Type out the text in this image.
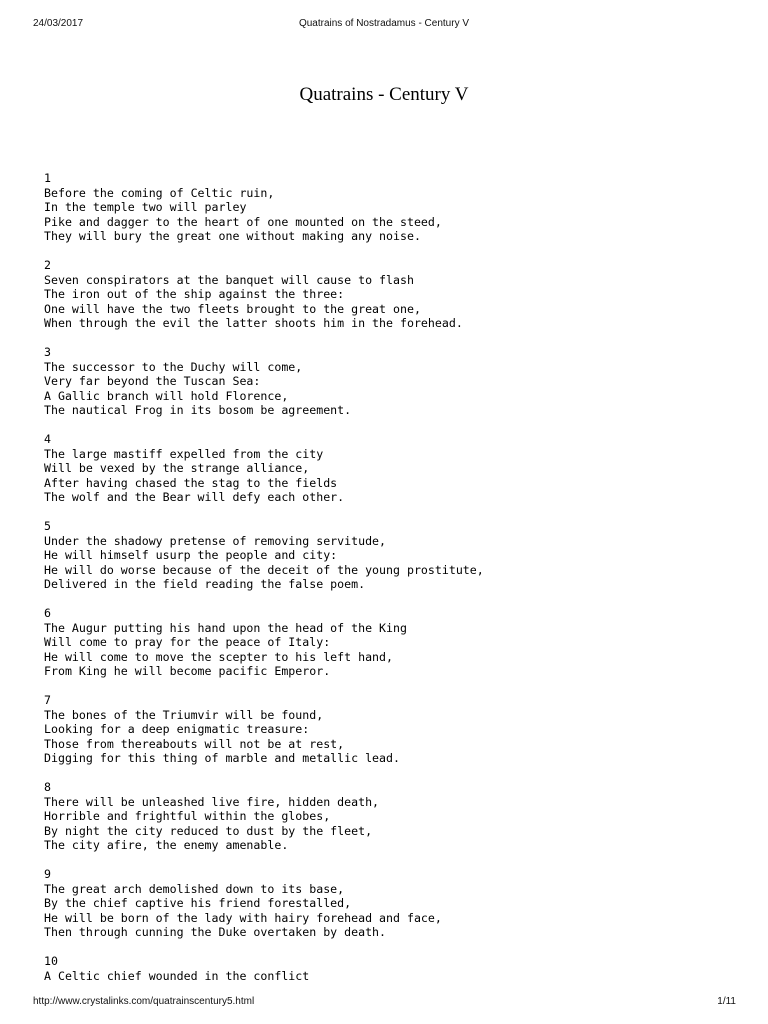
24/03/2017	Quatrains of Nostradamus - Century V
Quatrains - Century V
1
Before the coming of Celtic ruin,
In the temple two will parley
Pike and dagger to the heart of one mounted on the steed,
They will bury the great one without making any noise.
2
Seven conspirators at the banquet will cause to flash
The iron out of the ship against the three:
One will have the two fleets brought to the great one,
When through the evil the latter shoots him in the forehead.
3
The successor to the Duchy will come,
Very far beyond the Tuscan Sea:
A Gallic branch will hold Florence,
The nautical Frog in its bosom be agreement.
4
The large mastiff expelled from the city
Will be vexed by the strange alliance,
After having chased the stag to the fields
The wolf and the Bear will defy each other.
5
Under the shadowy pretense of removing servitude,
He will himself usurp the people and city:
He will do worse because of the deceit of the young prostitute,
Delivered in the field reading the false poem.
6
The Augur putting his hand upon the head of the King
Will come to pray for the peace of Italy:
He will come to move the scepter to his left hand,
From King he will become pacific Emperor.
7
The bones of the Triumvir will be found,
Looking for a deep enigmatic treasure:
Those from thereabouts will not be at rest,
Digging for this thing of marble and metallic lead.
8
There will be unleashed live fire, hidden death,
Horrible and frightful within the globes,
By night the city reduced to dust by the fleet,
The city afire, the enemy amenable.
9
The great arch demolished down to its base,
By the chief captive his friend forestalled,
He will be born of the lady with hairy forehead and face,
Then through cunning the Duke overtaken by death.
10
A Celtic chief wounded in the conflict
http://www.crystalinks.com/quatrainscentury5.html	1/11
